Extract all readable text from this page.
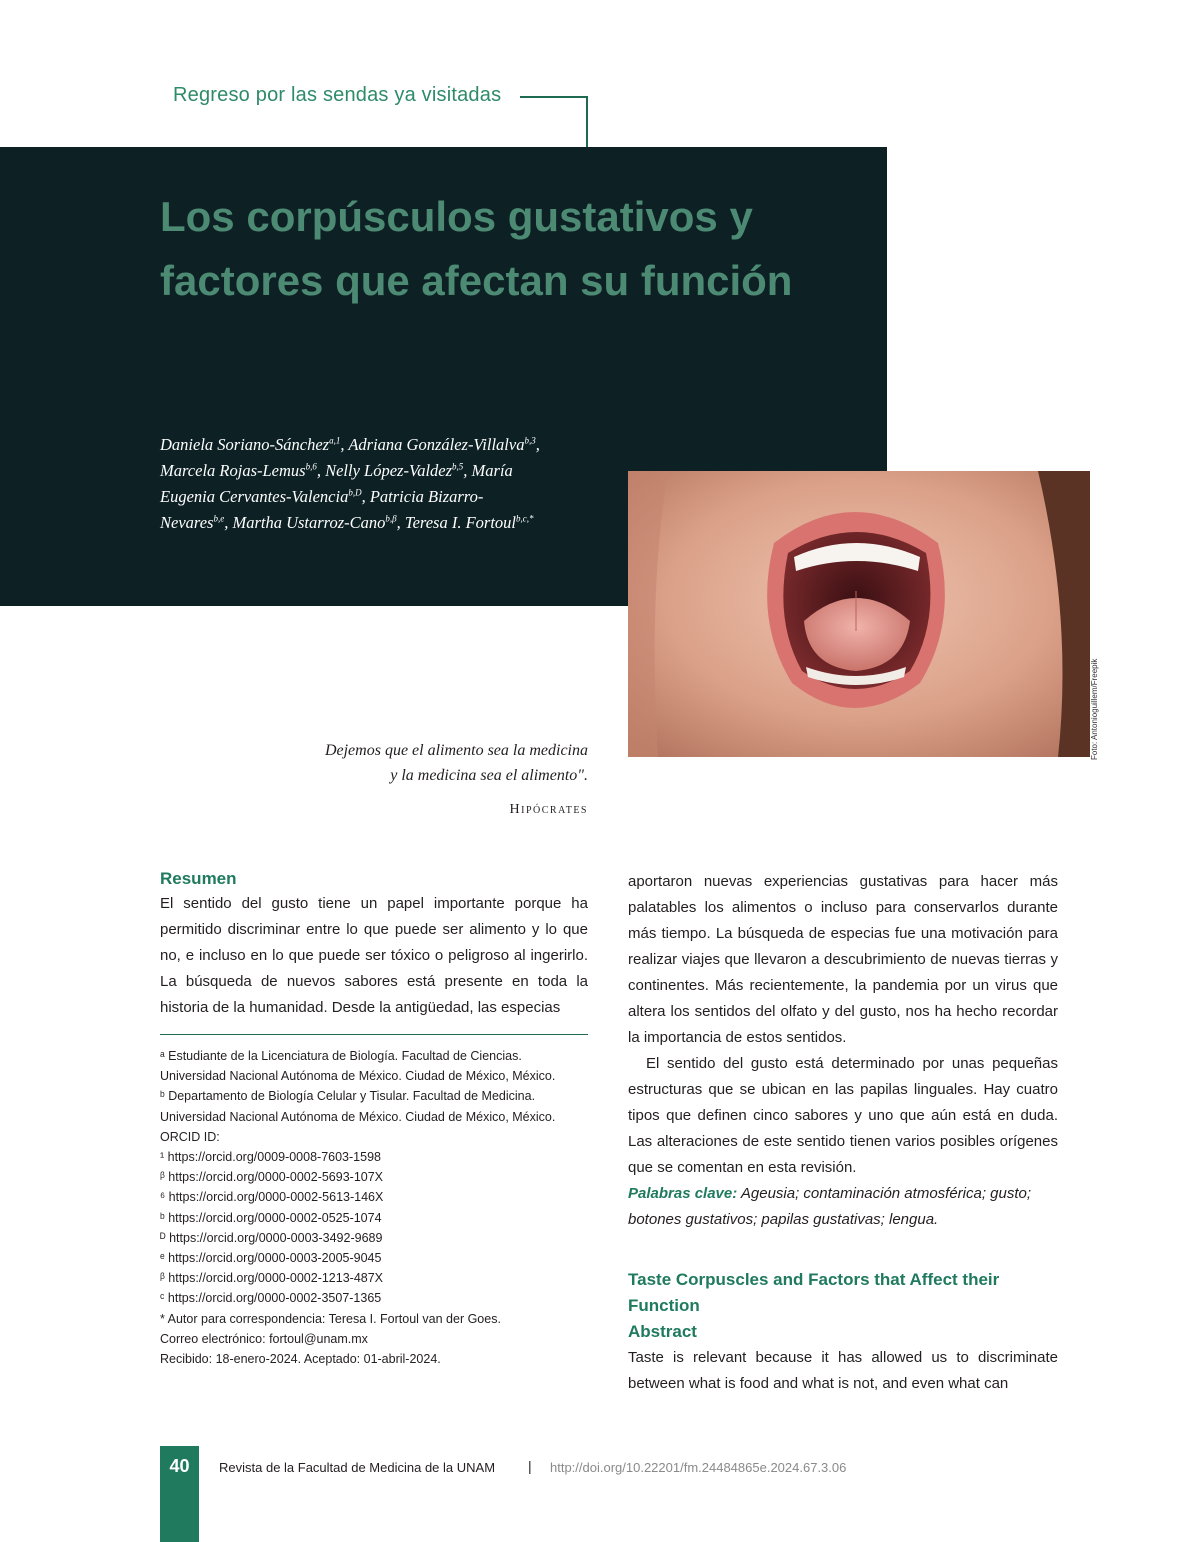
Regreso por las sendas ya visitadas
Los corpúsculos gustativos y factores que afectan su función
Daniela Soriano-Sánchez$^{a,1}$, Adriana González-Villalva$^{b,3}$, Marcela Rojas-Lemus$^{b,6}$, Nelly López-Valdez$^{b,5}$, María Eugenia Cervantes-Valencia$^{b,D}$, Patricia Bizarro-Nevares$^{b,e}$, Martha Ustarroz-Cano$^{b,\beta}$, Teresa I. Fortoul$^{b,c,*}$
Foto: Antonioguillem/Freepik

Dejemos que el alimento sea la medicina
y la medicina sea el alimento".

Hipócrates
Resumen

El sentido del gusto tiene un papel importante porque ha permitido discriminar entre lo que puede ser alimento y lo que no, e incluso en lo que puede ser tóxico o peligroso al ingerirlo. La búsqueda de nuevos sabores está presente en toda la historia de la humanidad. Desde la antigüedad, las especias

ᵃ Estudiante de la Licenciatura de Biología. Facultad de Ciencias. Universidad Nacional Autónoma de México. Ciudad de México, México.
ᵇ Departamento de Biología Celular y Tisular. Facultad de Medicina. Universidad Nacional Autónoma de México. Ciudad de México, México.
ORCID ID:
¹ https://orcid.org/0009-0008-7603-1598
ᵝ https://orcid.org/0000-0002-5693-107X
⁶ https://orcid.org/0000-0002-5613-146X
ᵇ https://orcid.org/0000-0002-0525-1074
ᴰ https://orcid.org/0000-0003-3492-9689
ᵉ https://orcid.org/0000-0003-2005-9045
ᵝ https://orcid.org/0000-0002-1213-487X
ᶜ https://orcid.org/0000-0002-3507-1365
* Autor para correspondencia: Teresa I. Fortoul van der Goes.
Correo electrónico: fortoul@unam.mx
Recibido: 18-enero-2024. Aceptado: 01-abril-2024.

aportaron nuevas experiencias gustativas para hacer más palatables los alimentos o incluso para conservarlos durante más tiempo. La búsqueda de especias fue una motivación para realizar viajes que llevaron a descubrimiento de nuevas tierras y continentes. Más recientemente, la pandemia por un virus que altera los sentidos del olfato y del gusto, nos ha hecho recordar la importancia de estos sentidos.

El sentido del gusto está determinado por unas pequeñas estructuras que se ubican en las papilas linguales. Hay cuatro tipos que definen cinco sabores y uno que aún está en duda. Las alteraciones de este sentido tienen varios posibles orígenes que se comentan en esta revisión.

Palabras clave: Ageusia; contaminación atmosférica; gusto; botones gustativos; papilas gustativas; lengua.

Taste Corpuscles and Factors that Affect their Function
Abstract

Taste is relevant because it has allowed us to discriminate between what is food and what is not, and even what can

40	Revista de la Facultad de Medicina de la UNAM | http://doi.org/10.22201/fm.24484865e.2024.67.3.06
